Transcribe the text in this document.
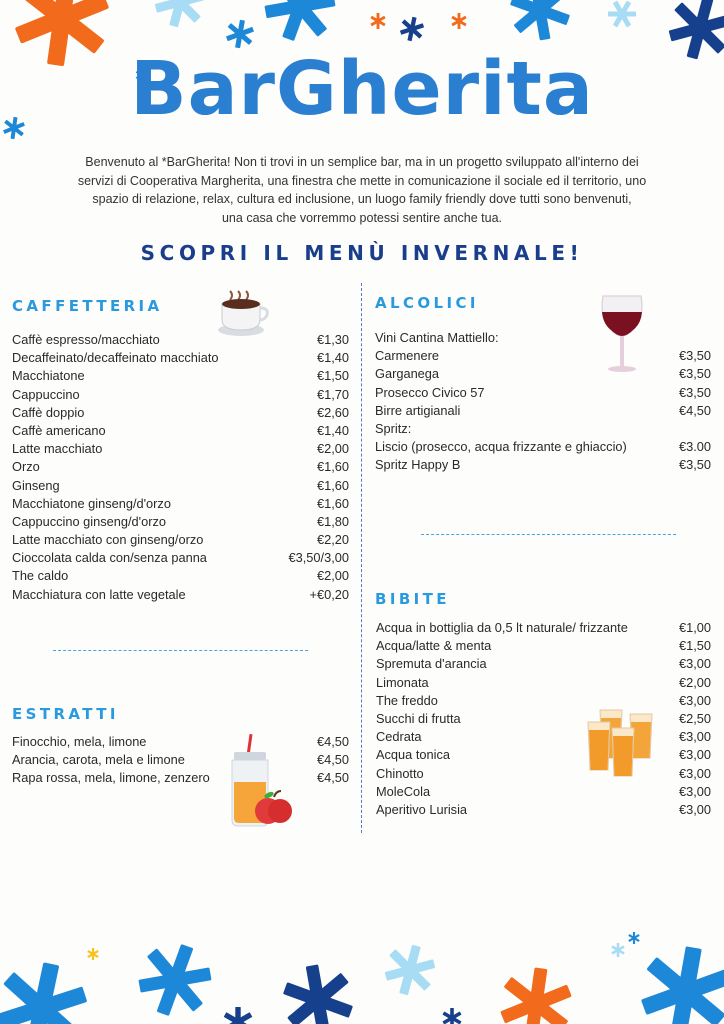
BarGherita
Benvenuto al *BarGherita! Non ti trovi in un semplice bar, ma in un progetto sviluppato all'interno dei
servizi di Cooperativa Margherita, una finestra che mette in comunicazione il sociale ed il territorio, uno
spazio di relazione, relax, cultura ed inclusione, un luogo family friendly dove tutti sono benvenuti,
una casa che vorremmo potessi sentire anche tua.
SCOPRI IL MENÙ INVERNALE!
CAFFETTERIA
Caffè espresso/macchiato	€1,30
Decaffeinato/decaffeinato macchiato	€1,40
Macchiatone	€1,50
Cappuccino	€1,70
Caffè doppio	€2,60
Caffè americano	€1,40
Latte macchiato	€2,00
Orzo	€1,60
Ginseng	€1,60
Macchiatone ginseng/d'orzo	€1,60
Cappuccino ginseng/d'orzo	€1,80
Latte macchiato con ginseng/orzo	€2,20
Cioccolata calda con/senza panna	€3,50/3,00
The caldo	€2,00
Macchiatura con latte vegetale	+€0,20
ESTRATTI
Finocchio, mela, limone	€4,50
Arancia, carota, mela e limone	€4,50
Rapa rossa, mela, limone, zenzero	€4,50
ALCOLICI
Vini Cantina Mattiello:
Carmenere	€3,50
Garganega	€3,50
Prosecco Civico 57	€3,50
Birre artigianali	€4,50
Spritz:
Liscio (prosecco, acqua frizzante e ghiaccio)	€3.00
Spritz Happy B	€3,50
BIBITE
Acqua in bottiglia da 0,5 lt naturale/ frizzante	€1,00
Acqua/latte & menta	€1,50
Spremuta d'arancia	€3,00
Limonata	€2,00
The freddo	€3,00
Succhi di frutta	€2,50
Cedrata	€3,00
Acqua tonica	€3,00
Chinotto	€3,00
MoleCola	€3,00
Aperitivo Lurisia	€3,00
